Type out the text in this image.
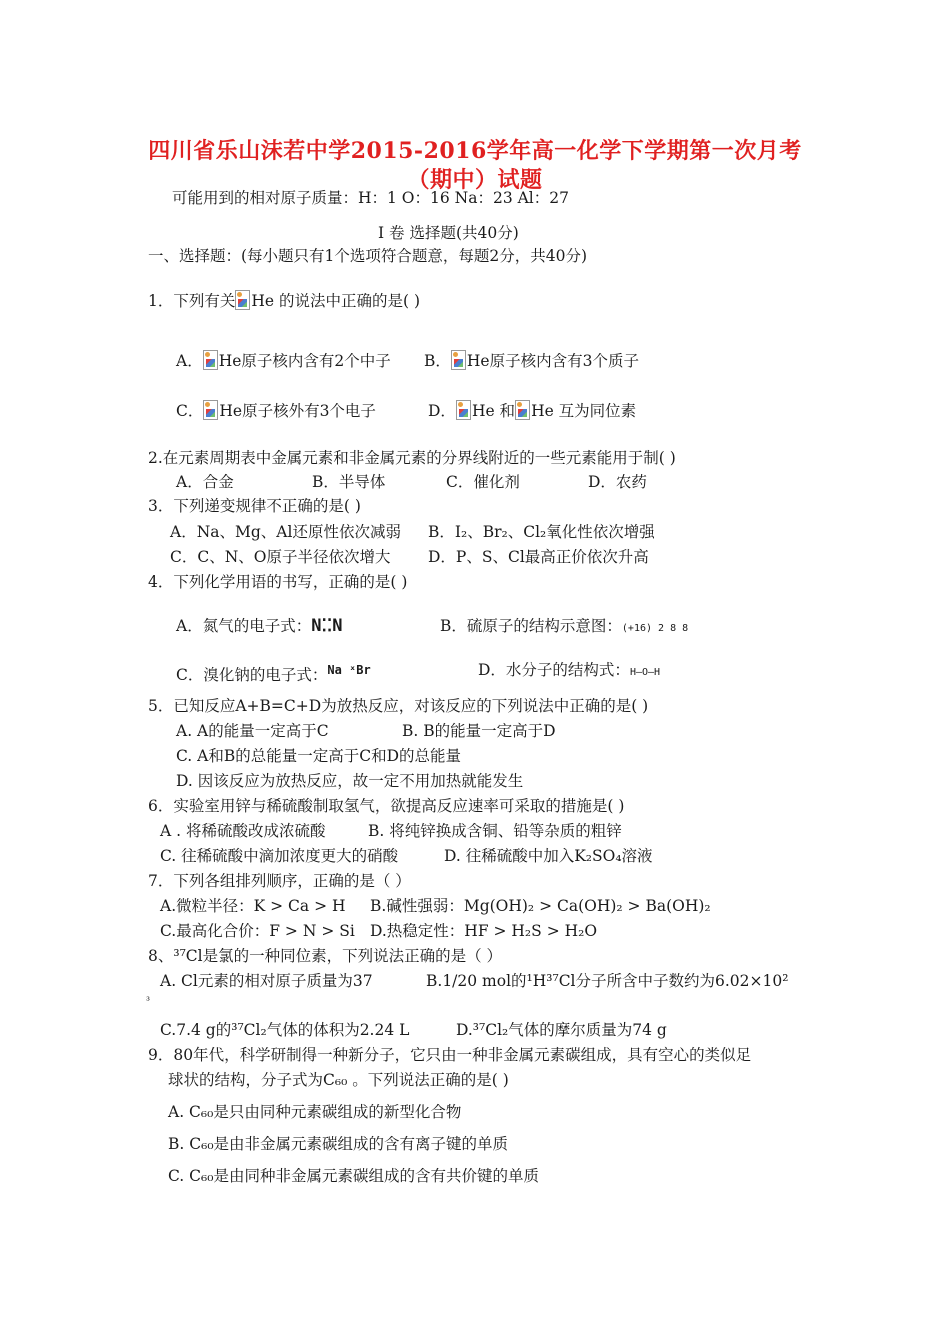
四川省乐山沫若中学2015-2016学年高一化学下学期第一次月考
（期中）试题
可能用到的相对原子质量：H：1 O：16 Na：23 Al：27
Ⅰ 卷 选择题(共40分)
一、选择题：(每小题只有1个选项符合题意，每题2分，共40分)
1．下列有关 He 的说法中正确的是( )
A． He原子核内含有2个中子 B． He原子核内含有3个质子
C． He原子核外有3个电子	D． He 和 He 互为同位素
2.在元素周期表中金属元素和非金属元素的分界线附近的一些元素能用于制( )
A．合金	B．半导体	C．催化剂	D．农药
3．下列递变规律不正确的是( )
A．Na、Mg、Al还原性依次减弱 B．I₂、Br₂、Cl₂氧化性依次增强
C．C、N、O原子半径依次增大 D．P、S、Cl最高正价依次升高
4．下列化学用语的书写，正确的是( )
A．氮气的电子式：N⁚⁚N	B．硫原子的结构示意图：(+16) 2 8 8
C．溴化钠的电子式：Na ˣBr	D．水分子的结构式：H—O—H
5．已知反应A+B=C+D为放热反应，对该反应的下列说法中正确的是( )
A. A的能量一定高于C	B. B的能量一定高于D
C. A和B的总能量一定高于C和D的总能量
D. 因该反应为放热反应，故一定不用加热就能发生
6．实验室用锌与稀硫酸制取氢气，欲提高反应速率可采取的措施是( )
A . 将稀硫酸改成浓硫酸	B. 将纯锌换成含铜、铅等杂质的粗锌
C. 往稀硫酸中滴加浓度更大的硝酸	D. 往稀硫酸中加入K₂SO₄溶液
7．下列各组排列顺序，正确的是（ ）
A.微粒半径：K > Ca > H B.碱性强弱：Mg(OH)₂ > Ca(OH)₂ > Ba(OH)₂
C.最高化合价：F > N > Si D.热稳定性：HF > H₂S > H₂O
8、³⁷Cl是氯的一种同位素，下列说法正确的是（ ）
A. Cl元素的相对原子质量为37	B.1/20 mol的¹H³⁷Cl分子所含中子数约为6.02×10²
³
C.7.4 g的³⁷Cl₂气体的体积为2.24 L	D.³⁷Cl₂气体的摩尔质量为74 g
9．80年代，科学研制得一种新分子，它只由一种非金属元素碳组成，具有空心的类似足
球状的结构，分子式为C₆₀ 。下列说法正确的是( )
A. C₆₀是只由同种元素碳组成的新型化合物
B. C₆₀是由非金属元素碳组成的含有离子键的单质
C. C₆₀是由同种非金属元素碳组成的含有共价键的单质
